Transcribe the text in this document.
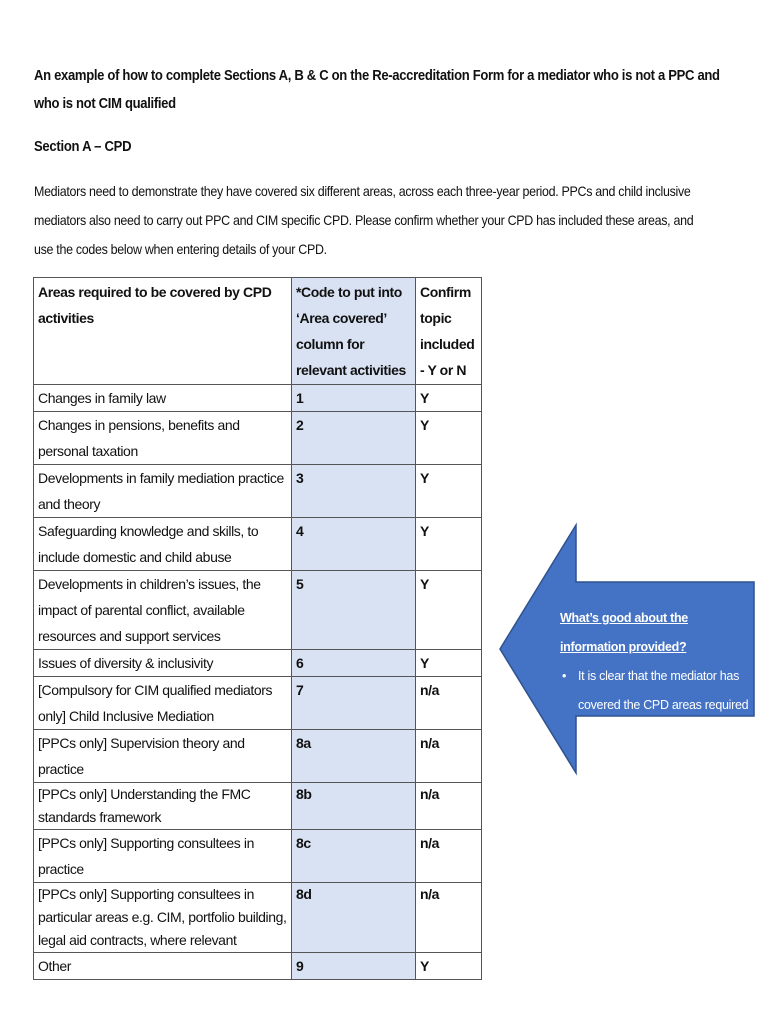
An example of how to complete Sections A, B & C on the Re-accreditation Form for a mediator who is not a PPC and who is not CIM qualified
Section A – CPD
Mediators need to demonstrate they have covered six different areas, across each three-year period. PPCs and child inclusive mediators also need to carry out PPC and CIM specific CPD. Please confirm whether your CPD has included these areas, and use the codes below when entering details of your CPD.
Areas required to be covered by CPD activities	*Code to put into ‘Area covered’ column for relevant activities	Confirm topic included - Y or N
Changes in family law	1	Y
Changes in pensions, benefits and personal taxation	2	Y
Developments in family mediation practice and theory	3	Y
Safeguarding knowledge and skills, to include domestic and child abuse	4	Y
Developments in children’s issues, the impact of parental conflict, available resources and support services	5	Y
Issues of diversity & inclusivity	6	Y
[Compulsory for CIM qualified mediators only] Child Inclusive Mediation	7	n/a
[PPCs only] Supervision theory and practice	8a	n/a
[PPCs only] Understanding the FMC standards framework	8b	n/a
[PPCs only] Supporting consultees in practice	8c	n/a
[PPCs only] Supporting consultees in particular areas e.g. CIM, portfolio building, legal aid contracts, where relevant	8d	n/a
Other	9	Y
What’s good about the information provided?
• It is clear that the mediator has covered the CPD areas required
